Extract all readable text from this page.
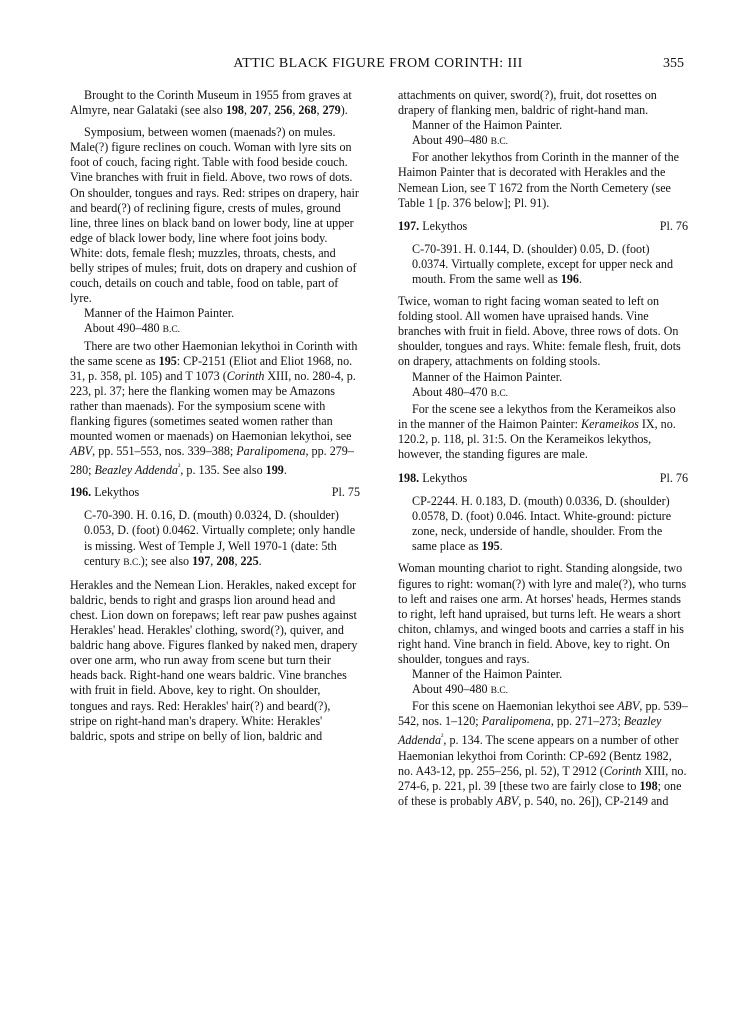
ATTIC BLACK FIGURE FROM CORINTH: III	355

Brought to the Corinth Museum in 1955 from graves at Almyre, near Galataki (see also 198, 207, 256, 268, 279).

Symposium, between women (maenads?) on mules. Male(?) figure reclines on couch. Woman with lyre sits on foot of couch, facing right. Table with food beside couch. Vine branches with fruit in field. Above, two rows of dots. On shoulder, tongues and rays. Red: stripes on drapery, hair and beard(?) of reclining figure, crests of mules, ground line, three lines on black band on lower body, line at upper edge of black lower body, line where foot joins body. White: dots, female flesh; muzzles, throats, chests, and belly stripes of mules; fruit, dots on drapery and cushion of couch, details on couch and table, food on table, part of lyre.

Manner of the Haimon Painter.

About 490–480 B.C.

There are two other Haemonian lekythoi in Corinth with the same scene as 195: CP-2151 (Eliot and Eliot 1968, no. 31, p. 358, pl. 105) and T 1073 (Corinth XIII, no. 280-4, p. 223, pl. 37; here the flanking women may be Amazons rather than maenads). For the symposium scene with flanking figures (sometimes seated women rather than mounted women or maenads) on Haemonian lekythoi, see ABV, pp. 551–553, nos. 339–388; Paralipomena, pp. 279–280; Beazley Addenda$^{^2}$, p. 135. See also 199.

196. Lekythos	Pl. 75

C-70-390. H. 0.16, D. (mouth) 0.0324, D. (shoulder) 0.053, D. (foot) 0.0462. Virtually complete; only handle is missing. West of Temple J, Well 1970-1 (date: 5th century B.C.); see also 197, 208, 225.

Herakles and the Nemean Lion. Herakles, naked except for baldric, bends to right and grasps lion around head and chest. Lion down on forepaws; left rear paw pushes against Herakles' head. Herakles' clothing, sword(?), quiver, and baldric hang above. Figures flanked by naked men, drapery over one arm, who run away from scene but turn their heads back. Right-hand one wears baldric. Vine branches with fruit in field. Above, key to right. On shoulder, tongues and rays. Red: Herakles' hair(?) and beard(?), stripe on right-hand man's drapery. White: Herakles' baldric, spots and stripe on belly of lion, baldric and

attachments on quiver, sword(?), fruit, dot rosettes on drapery of flanking men, baldric of right-hand man.

Manner of the Haimon Painter.

About 490–480 B.C.

For another lekythos from Corinth in the manner of the Haimon Painter that is decorated with Herakles and the Nemean Lion, see T 1672 from the North Cemetery (see Table 1 [p. 376 below]; Pl. 91).

197. Lekythos	Pl. 76

C-70-391. H. 0.144, D. (shoulder) 0.05, D. (foot) 0.0374. Virtually complete, except for upper neck and mouth. From the same well as 196.

Twice, woman to right facing woman seated to left on folding stool. All women have upraised hands. Vine branches with fruit in field. Above, three rows of dots. On shoulder, tongues and rays. White: female flesh, fruit, dots on drapery, attachments on folding stools.

Manner of the Haimon Painter.

About 480–470 B.C.

For the scene see a lekythos from the Kerameikos also in the manner of the Haimon Painter: Kerameikos IX, no. 120.2, p. 118, pl. 31:5. On the Kerameikos lekythos, however, the standing figures are male.

198. Lekythos	Pl. 76

CP-2244. H. 0.183, D. (mouth) 0.0336, D. (shoulder) 0.0578, D. (foot) 0.046. Intact. White-ground: picture zone, neck, underside of handle, shoulder. From the same place as 195.

Woman mounting chariot to right. Standing alongside, two figures to right: woman(?) with lyre and male(?), who turns to left and raises one arm. At horses' heads, Hermes stands to right, left hand upraised, but turns left. He wears a short chiton, chlamys, and winged boots and carries a staff in his right hand. Vine branch in field. Above, key to right. On shoulder, tongues and rays.

Manner of the Haimon Painter.

About 490–480 B.C.

For this scene on Haemonian lekythoi see ABV, pp. 539–542, nos. 1–120; Paralipomena, pp. 271–273; Beazley Addenda$^{^2}$, p. 134. The scene appears on a number of other Haemonian lekythoi from Corinth: CP-692 (Bentz 1982, no. A43-12, pp. 255–256, pl. 52), T 2912 (Corinth XIII, no. 274-6, p. 221, pl. 39 [these two are fairly close to 198; one of these is probably ABV, p. 540, no. 26]), CP-2149 and
